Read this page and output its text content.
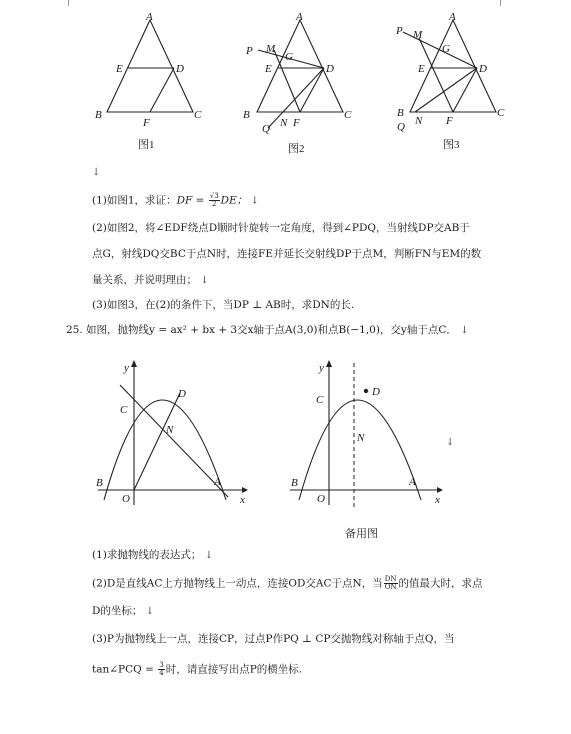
A
B	C
D
E
F
图1
A
B	C
D
E
F
G
M
N
P
Q
图2
A
B	C
D
E
F
G
M
N
P
Q
图3
↓
(1)如图1，求证：DF = $\frac{√3}{2}$ DE； ↓
(2)如图2，将∠EDF绕点D顺时针旋转一定角度，得到∠PDQ，当射线DP交AB于
点G，射线DQ交BC于点N时，连接FE并延长交射线DP于点M，判断FN与EM的数
量关系，并说明理由； ↓
(3)如图3，在(2)的条件下，当DP ⊥ AB时，求DN的长.
25. 如图，抛物线y = ax² + bx + 3交x轴于点A(3,0)和点B(−1,0)，交y轴于点C． ↓
y
x
O
A
B
C
D
N
y
x
O
A
B
C
D
N
备用图
↓
(1)求抛物线的表达式； ↓
(2)D是直线AC上方抛物线上一动点，连接OD交AC于点N，当 $\frac{DN}{ON}$ 的值最大时，求点
D的坐标； ↓
(3)P为抛物线上一点，连接CP，过点P作PQ ⊥ CP交抛物线对称轴于点Q，当
tan∠PCQ = $\frac{3}{4}$ 时，请直接写出点P的横坐标.
